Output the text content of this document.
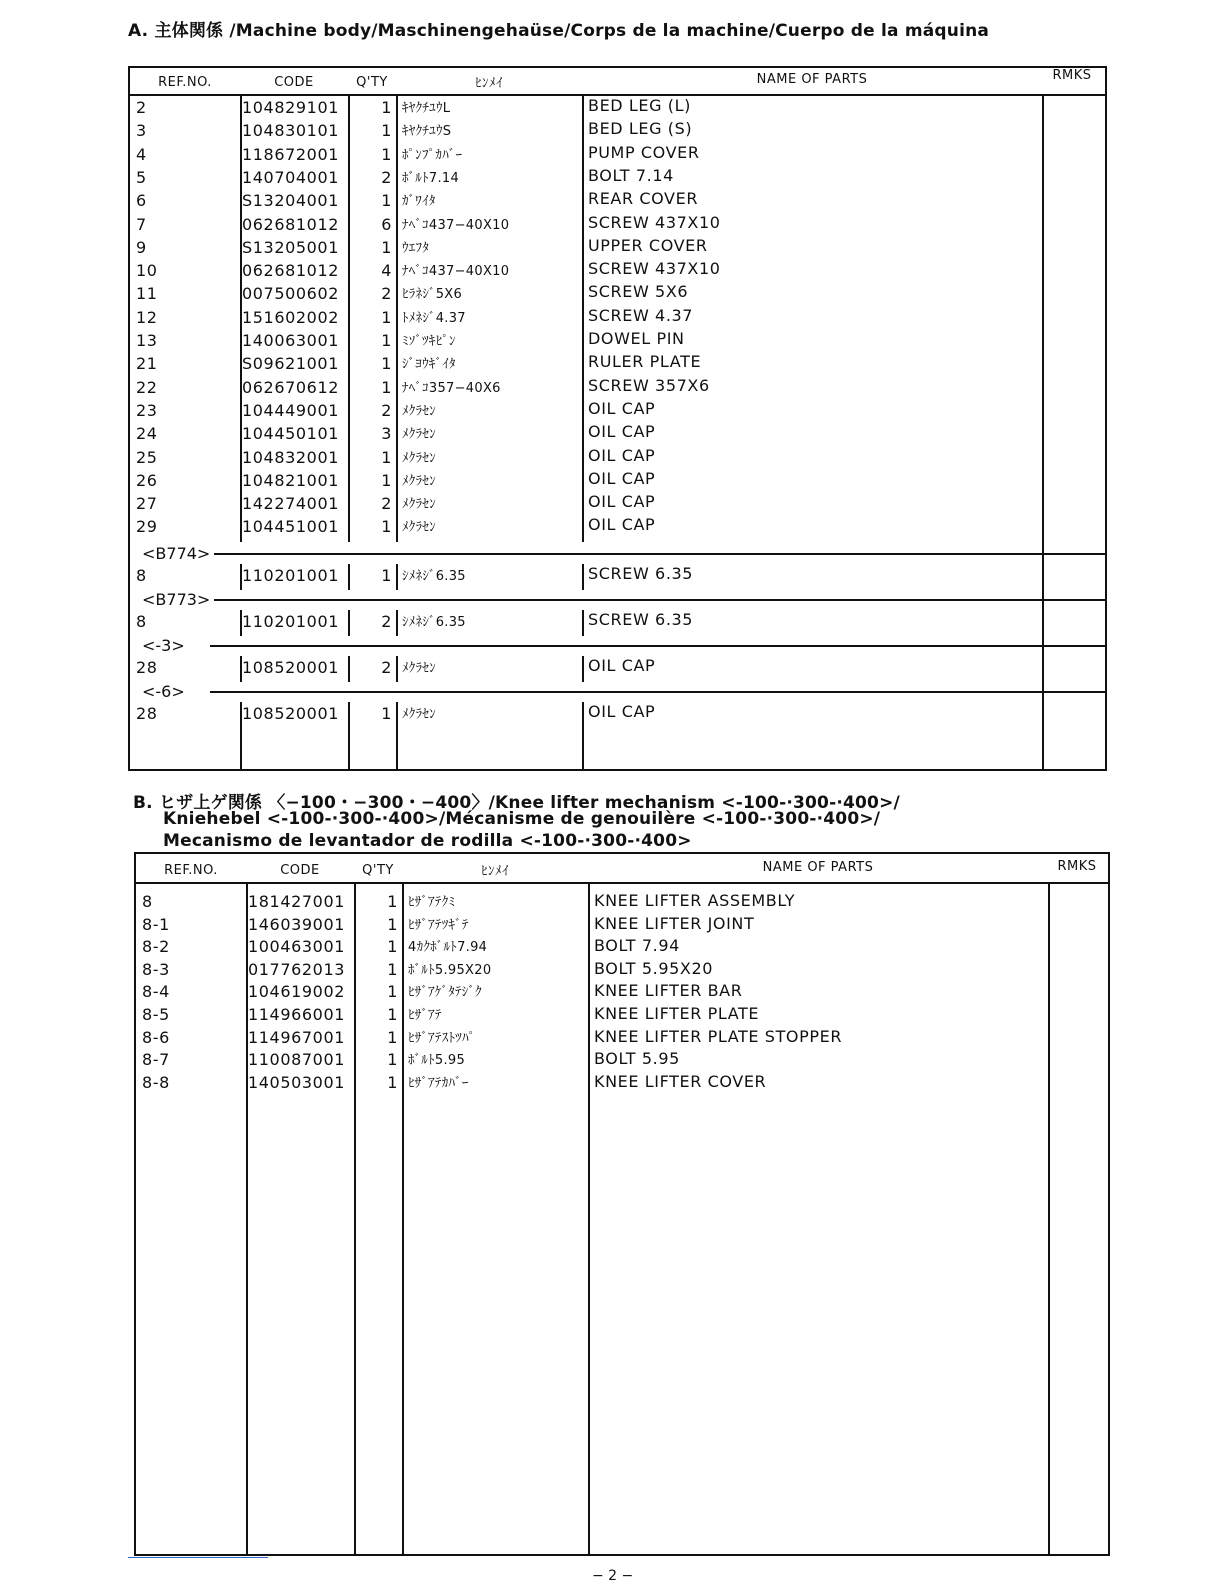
A. 主体関係 /Machine body/Maschinengehaüse/Corps de la machine/Cuerpo de la máquina
REF.NO.	CODE	Q'TY	ﾋﾝﾒｲ	NAME OF PARTS	RMKS
2	104829101	1 ｷﾔｸﾁﾕｳL	BED LEG (L)
3	104830101	1 ｷﾔｸﾁﾕｳS	BED LEG (S)
4	118672001	1 ﾎﾟﾝﾌﾟｶﾊﾞｰ	PUMP COVER
5	140704001	2 ﾎﾞﾙﾄ7.14	BOLT 7.14
6	S13204001	1 ｶﾞﾜｲﾀ	REAR COVER
7	062681012	6 ﾅﾍﾞｺ437−40X10	SCREW 437X10
9	S13205001	1 ｳｴﾌﾀ	UPPER COVER
10	062681012	4 ﾅﾍﾞｺ437−40X10	SCREW 437X10
11	007500602	2 ﾋﾗﾈｼﾞ5X6	SCREW 5X6
12	151602002	1 ﾄﾒﾈｼﾞ4.37	SCREW 4.37
13	140063001	1 ﾐｿﾞﾂｷﾋﾟﾝ	DOWEL PIN
21	S09621001	1 ｼﾞﾖｳｷﾞｲﾀ	RULER PLATE
22	062670612	1 ﾅﾍﾞｺ357−40X6	SCREW 357X6
23	104449001	2 ﾒｸﾗｾﾝ	OIL CAP
24	104450101	3 ﾒｸﾗｾﾝ	OIL CAP
25	104832001	1 ﾒｸﾗｾﾝ	OIL CAP
26	104821001	1 ﾒｸﾗｾﾝ	OIL CAP
27	142274001	2 ﾒｸﾗｾﾝ	OIL CAP
29	104451001	1 ﾒｸﾗｾﾝ	OIL CAP
<B774>
8	110201001	1 ｼﾒﾈｼﾞ6.35	SCREW 6.35
<B773>
8	110201001	2 ｼﾒﾈｼﾞ6.35	SCREW 6.35
<-3>
28	108520001	2 ﾒｸﾗｾﾝ	OIL CAP
<-6>
28	108520001	1 ﾒｸﾗｾﾝ	OIL CAP
B. ヒザ上ゲ関係 〈−100・−300・−400〉/Knee lifter mechanism <-100-·300-·400>/
Kniehebel <-100-·300-·400>/Mécanisme de genouilère <-100-·300-·400>/
Mecanismo de levantador de rodilla <-100-·300-·400>
REF.NO.	CODE	Q'TY	ﾋﾝﾒｲ	NAME OF PARTS	RMKS
8	181427001	1 ﾋｻﾞｱﾃｸﾐ	KNEE LIFTER ASSEMBLY
8-1	146039001	1 ﾋｻﾞｱﾃﾂｷﾞﾃ	KNEE LIFTER JOINT
8-2	100463001	1 4ｶｸﾎﾞﾙﾄ7.94	BOLT 7.94
8-3	017762013	1 ﾎﾞﾙﾄ5.95X20	BOLT 5.95X20
8-4	104619002	1 ﾋｻﾞｱｹﾞﾀﾃｼﾞｸ	KNEE LIFTER BAR
8-5	114966001	1 ﾋｻﾞｱﾃ	KNEE LIFTER PLATE
8-6	114967001	1 ﾋｻﾞｱﾃｽﾄﾂﾊﾟ	KNEE LIFTER PLATE STOPPER
8-7	110087001	1 ﾎﾞﾙﾄ5.95	BOLT 5.95
8-8	140503001	1 ﾋｻﾞｱﾃｶﾊﾞｰ	KNEE LIFTER COVER
− 2 −
